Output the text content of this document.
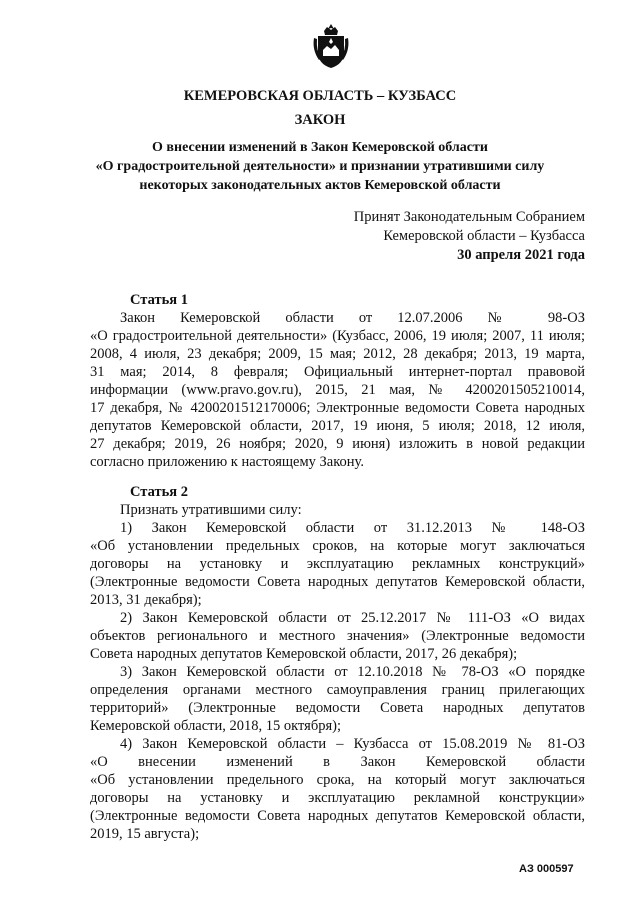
КЕМЕРОВСКАЯ ОБЛАСТЬ – КУЗБАСС
ЗАКОН
О внесении изменений в Закон Кемеровской области
«О градостроительной деятельности» и признании утратившими силу
некоторых законодательных актов Кемеровской области
Принят Законодательным Собранием
Кемеровской области – Кузбасса
30 апреля 2021 года
Статья 1
Закон Кемеровской области от 12.07.2006 № 98-ОЗ
«О градостроительной деятельности» (Кузбасс, 2006, 19 июля; 2007, 11 июля;
2008, 4 июля, 23 декабря; 2009, 15 мая; 2012, 28 декабря; 2013, 19 марта,
31 мая; 2014, 8 февраля; Официальный интернет-портал правовой
информации (www.pravo.gov.ru), 2015, 21 мая, № 4200201505210014,
17 декабря, № 4200201512170006; Электронные ведомости Совета народных
депутатов Кемеровской области, 2017, 19 июня, 5 июля; 2018, 12 июля,
27 декабря; 2019, 26 ноября; 2020, 9 июня) изложить в новой редакции
согласно приложению к настоящему Закону.
Статья 2
Признать утратившими силу:
1) Закон Кемеровской области от 31.12.2013 № 148-ОЗ
«Об установлении предельных сроков, на которые могут заключаться
договоры на установку и эксплуатацию рекламных конструкций»
(Электронные ведомости Совета народных депутатов Кемеровской области,
2013, 31 декабря);
2) Закон Кемеровской области от 25.12.2017 № 111-ОЗ «О видах
объектов регионального и местного значения» (Электронные ведомости
Совета народных депутатов Кемеровской области, 2017, 26 декабря);
3) Закон Кемеровской области от 12.10.2018 № 78-ОЗ «О порядке
определения органами местного самоуправления границ прилегающих
территорий» (Электронные ведомости Совета народных депутатов
Кемеровской области, 2018, 15 октября);
4) Закон Кемеровской области – Кузбасса от 15.08.2019 № 81-ОЗ
«О внесении изменений в Закон Кемеровской области
«Об установлении предельного срока, на который могут заключаться
договоры на установку и эксплуатацию рекламной конструкции»
(Электронные ведомости Совета народных депутатов Кемеровской области,
2019, 15 августа);
АЗ 000597
